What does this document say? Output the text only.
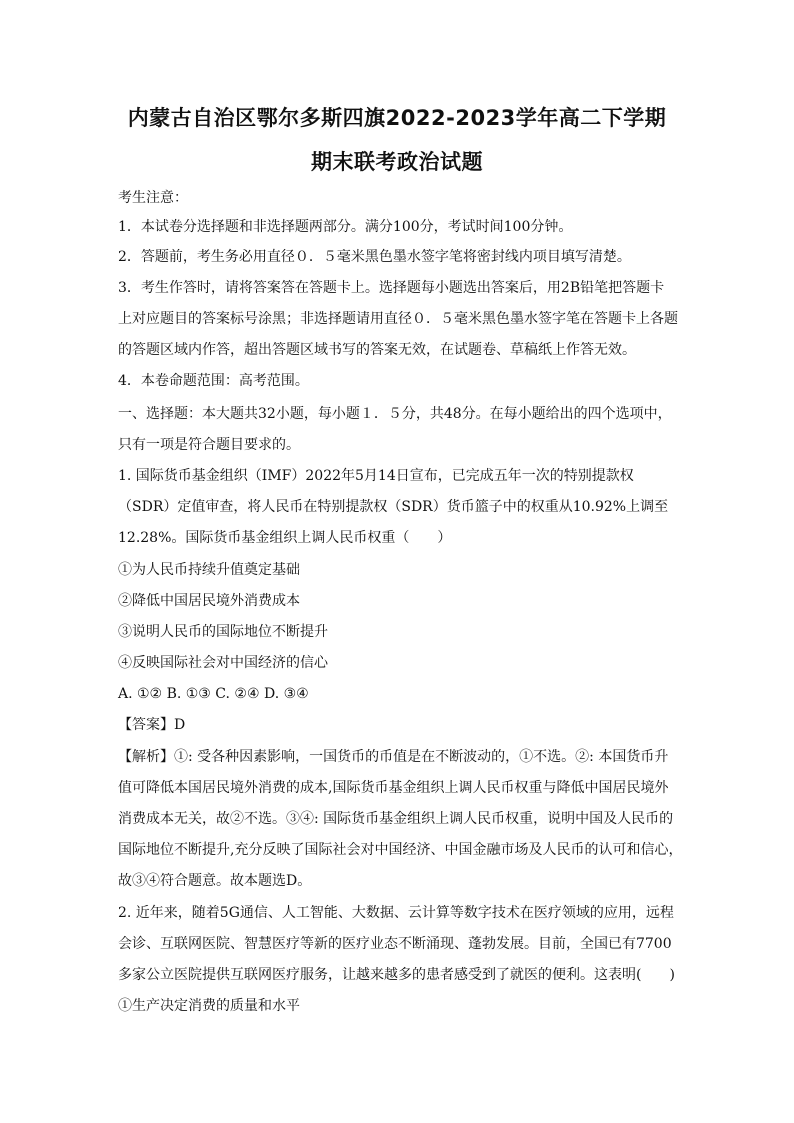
内蒙古自治区鄂尔多斯四旗2022-2023学年高二下学期
期末联考政治试题
考生注意：
1．本试卷分选择题和非选择题两部分。满分100分，考试时间100分钟。
2．答题前，考生务必用直径０．５毫米黑色墨水签字笔将密封线内项目填写清楚。
3．考生作答时，请将答案答在答题卡上。选择题每小题选出答案后，用2B铅笔把答题卡
上对应题目的答案标号涂黑；非选择题请用直径０．５毫米黑色墨水签字笔在答题卡上各题
的答题区域内作答，超出答题区域书写的答案无效，在试题卷、草稿纸上作答无效。
4．本卷命题范围：高考范围。
一、选择题：本大题共32小题，每小题１．５分，共48分。在每小题给出的四个选项中，
只有一项是符合题目要求的。
1. 国际货币基金组织（IMF）2022年5月14日宣布，已完成五年一次的特别提款权
（SDR）定值审查，将人民币在特别提款权（SDR）货币篮子中的权重从10.92%上调至
12.28%。国际货币基金组织上调人民币权重（　　）
①为人民币持续升值奠定基础
②降低中国居民境外消费成本
③说明人民币的国际地位不断提升
④反映国际社会对中国经济的信心
A. ①② B. ①③ C. ②④ D. ③④
【答案】D
【解析】①: 受各种因素影响，一国货币的币值是在不断波动的，①不选。②: 本国货币升
值可降低本国居民境外消费的成本,国际货币基金组织上调人民币权重与降低中国居民境外
消费成本无关，故②不选。③④: 国际货币基金组织上调人民币权重，说明中国及人民币的
国际地位不断提升,充分反映了国际社会对中国经济、中国金融市场及人民币的认可和信心，
故③④符合题意。故本题选D。
2. 近年来，随着5G通信、人工智能、大数据、云计算等数字技术在医疗领域的应用，远程
会诊、互联网医院、智慧医疗等新的医疗业态不断涌现、蓬勃发展。目前，全国已有7700
多家公立医院提供互联网医疗服务，让越来越多的患者感受到了就医的便利。这表明(　　)
①生产决定消费的质量和水平
